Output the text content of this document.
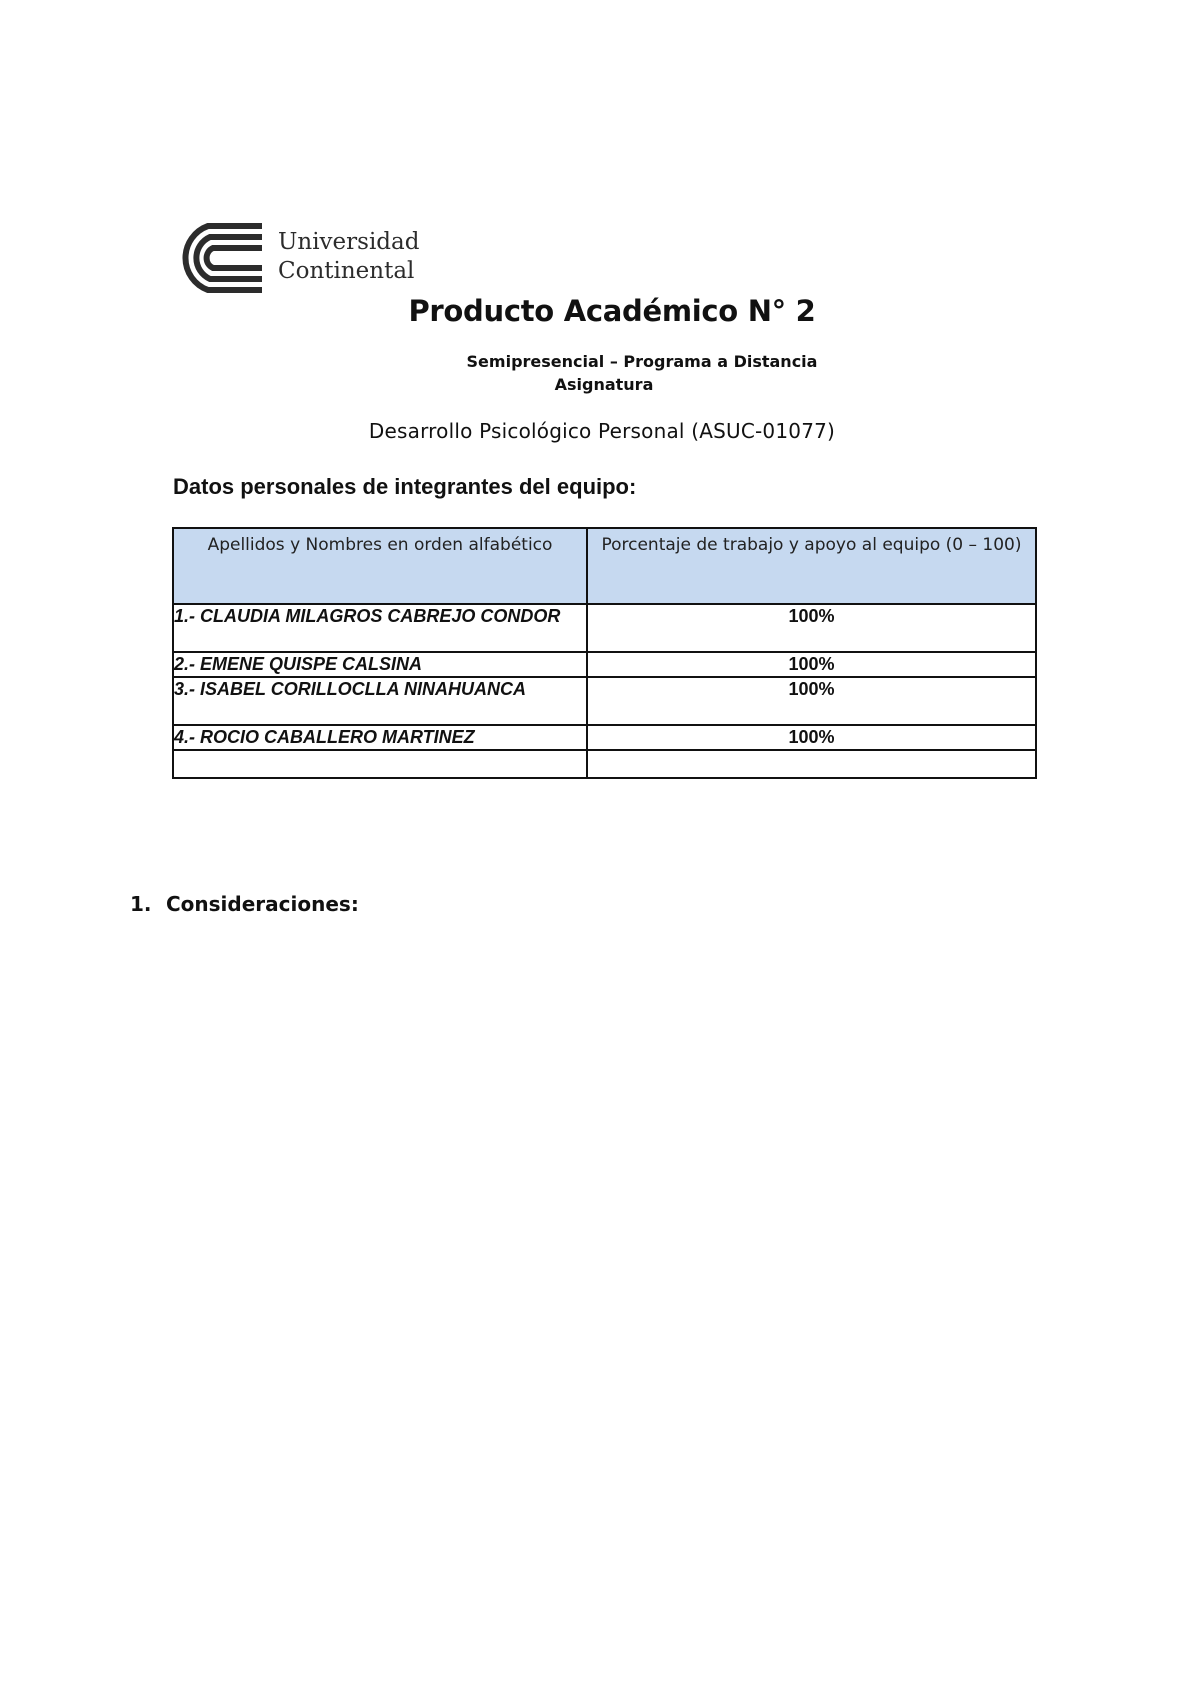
Universidad
Continental
Producto Académico N° 2
Semipresencial – Programa a Distancia
Asignatura
Desarrollo Psicológico Personal (ASUC-01077)
Datos personales de integrantes del equipo:
Apellidos y Nombres en orden alfabético	Porcentaje de trabajo y apoyo al equipo (0 – 100)
1.- CLAUDIA MILAGROS CABREJO CONDOR	100%
2.- EMENE QUISPE CALSINA	100%
3.- ISABEL CORILLOCLLA NINAHUANCA	100%
4.- ROCIO CABALLERO MARTINEZ	100%

1. Consideraciones:
